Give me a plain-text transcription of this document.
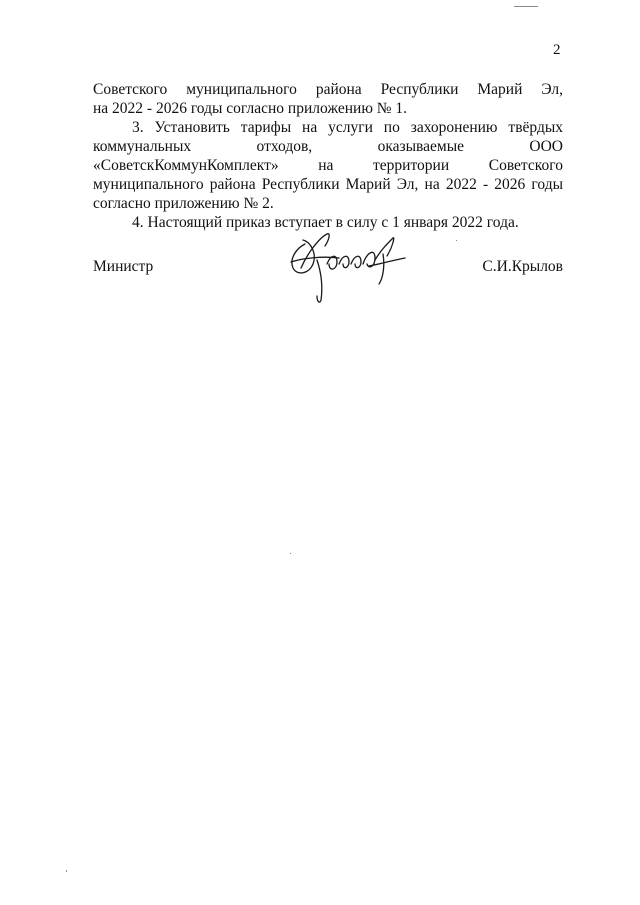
2

Советского муниципального района Республики Марий Эл,

на 2022 - 2026 годы согласно приложению № 1.

3. Установить тарифы на услуги по захоронению твёрдых коммунальных отходов, оказываемые ООО «СоветскКоммунКомплект» на территории Советского муниципального района Республики Марий Эл, на 2022 - 2026 годы согласно приложению № 2.

4. Настоящий приказ вступает в силу с 1 января 2022 года.

Министр	С.И.Крылов
